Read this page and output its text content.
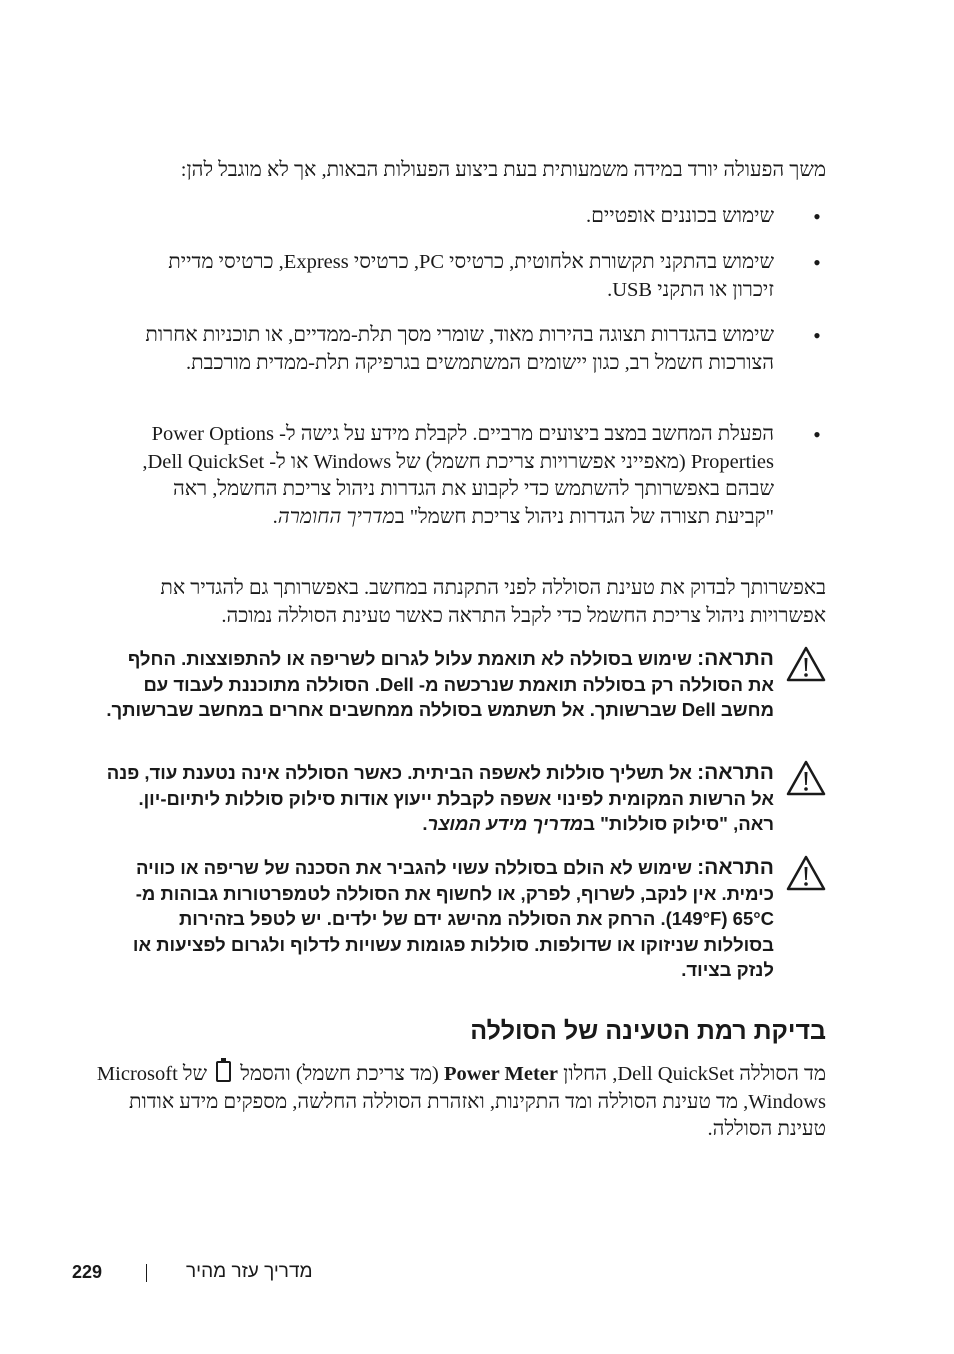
משך הפעולה יורד במידה משמעותית בעת ביצוע הפעולות הבאות, אך לא מוגבל להן:
•
שימוש בכוננים אופטיים.
•
שימוש בהתקני תקשורת אלחוטית, כרטיסי PC, כרטיסי Express, כרטיסי מדיית זיכרון או התקני USB.
•
שימוש בהגדרות תצוגה בהירות מאוד, שומרי מסך תלת-ממדיים, או תוכניות אחרות הצורכות חשמל רב, כגון יישומים המשתמשים בגרפיקה תלת-ממדית מורכבת.
•
הפעלת המחשב במצב ביצועים מרביים. לקבלת מידע על גישה ל- Power Options Properties (מאפייני אפשרויות צריכת חשמל) של Windows או ל- Dell QuickSet, שבהם באפשרותך להשתמש כדי לקבוע את הגדרות ניהול צריכת החשמל, ראה "קביעת תצורה של הגדרות ניהול צריכת חשמל" במדריך החומרה.
באפשרותך לבדוק את טעינת הסוללה לפני התקנתה במחשב. באפשרותך גם להגדיר את אפשרויות ניהול צריכת החשמל כדי לקבל התראה כאשר טעינת הסוללה נמוכה.
התראה: שימוש בסוללה לא תואמת עלול לגרום לשריפה או להתפוצצות. החלף את הסוללה רק בסוללה תואמת שנרכשה מ- Dell. הסוללה מתוכננת לעבוד עם מחשב Dell שברשותך. אל תשתמש בסוללה ממחשבים אחרים במחשב שברשותך.
התראה: אל תשליך סוללות לאשפה הביתית. כאשר הסוללה אינה נטענת עוד, פנה אל הרשות המקומית לפינוי אשפה לקבלת ייעוץ אודות סילוק סוללות ליתיום-יון. ראה, "סילוק סוללות" במדריך מידע המוצר.
התראה: שימוש לא הולם בסוללה עשוי להגביר את הסכנה של שריפה או כוויה כימית. אין לנקב, לשרוף, לפרק, או לחשוף את הסוללה לטמפרטורות גבוהות מ- 65°C ‏(149°F). הרחק את הסוללה מהישג ידם של ילדים. יש לטפל בזהירות בסוללות שניזוקו או שדולפות. סוללות פגומות עשויות לדלוף ולגרום לפציעות או לנזק בציוד.
בדיקת רמת הטעינה של הסוללה
מד הסוללה Dell QuickSet, החלון Power Meter (מד צריכת חשמל) והסמל  של Microsoft Windows, מד טעינת הסוללה ומד התקינות, ואזהרת הסוללה החלשה, מספקים מידע אודות טעינת הסוללה.
229	מדריך עזר מהיר
